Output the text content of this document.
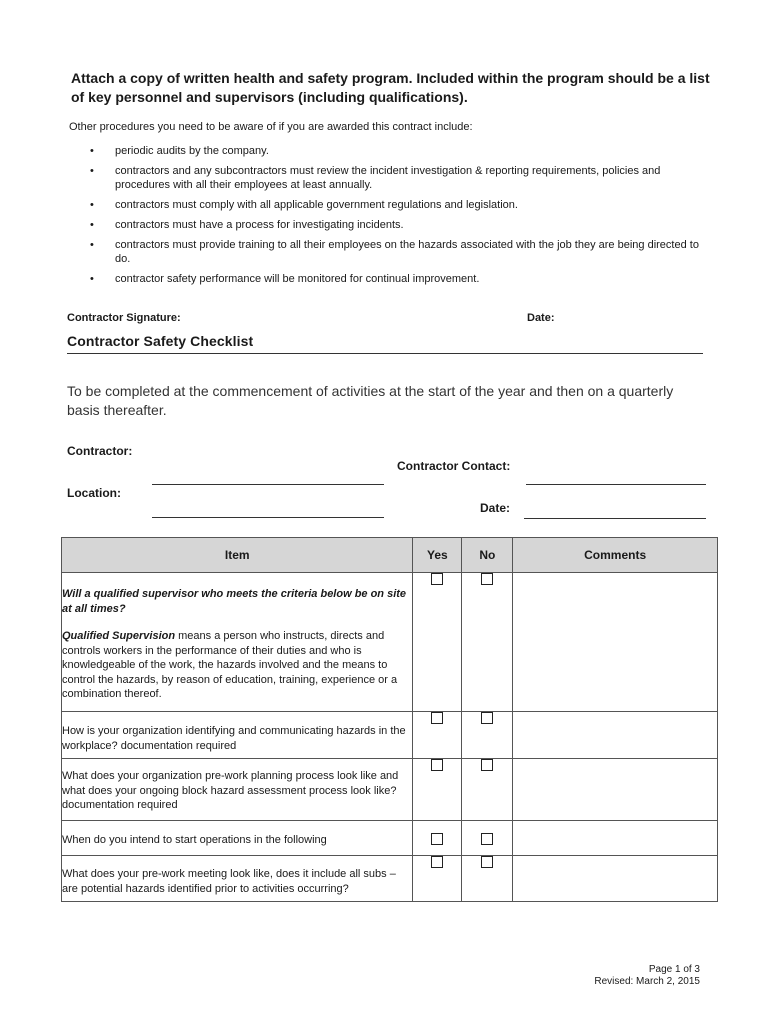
Attach a copy of written health and safety program. Included within the program should be a list of key personnel and supervisors (including qualifications).
Other procedures you need to be aware of if you are awarded this contract include:
• periodic audits by the company.
• contractors and any subcontractors must review the incident investigation & reporting requirements, policies and procedures with all their employees at least annually.
• contractors must comply with all applicable government regulations and legislation.
• contractors must have a process for investigating incidents.
• contractors must provide training to all their employees on the hazards associated with the job they are being directed to do.
• contractor safety performance will be monitored for continual improvement.
Contractor Signature:	Date:
Contractor Safety Checklist
To be completed at the commencement of activities at the start of the year and then on a quarterly basis thereafter.
Contractor:
Location:
Contractor Contact:
Date:
Item	Yes	No	Comments

Will a qualified supervisor who meets the criteria below be on site at all times?
Qualified Supervision means a person who instructs, directs and controls workers in the performance of their duties and who is knowledgeable of the work, the hazards involved and the means to control the hazards, by reason of education, training, experience or a combination thereof.			

How is your organization identifying and communicating hazards in the workplace? documentation required			
What does your organization pre-work planning process look like and what does your ongoing block hazard assessment process look like? documentation required			
When do you intend to start operations in the following			
What does your pre-work meeting look like, does it include all subs – are potential hazards identified prior to activities occurring?			
Page 1 of 3
Revised: March 2, 2015
